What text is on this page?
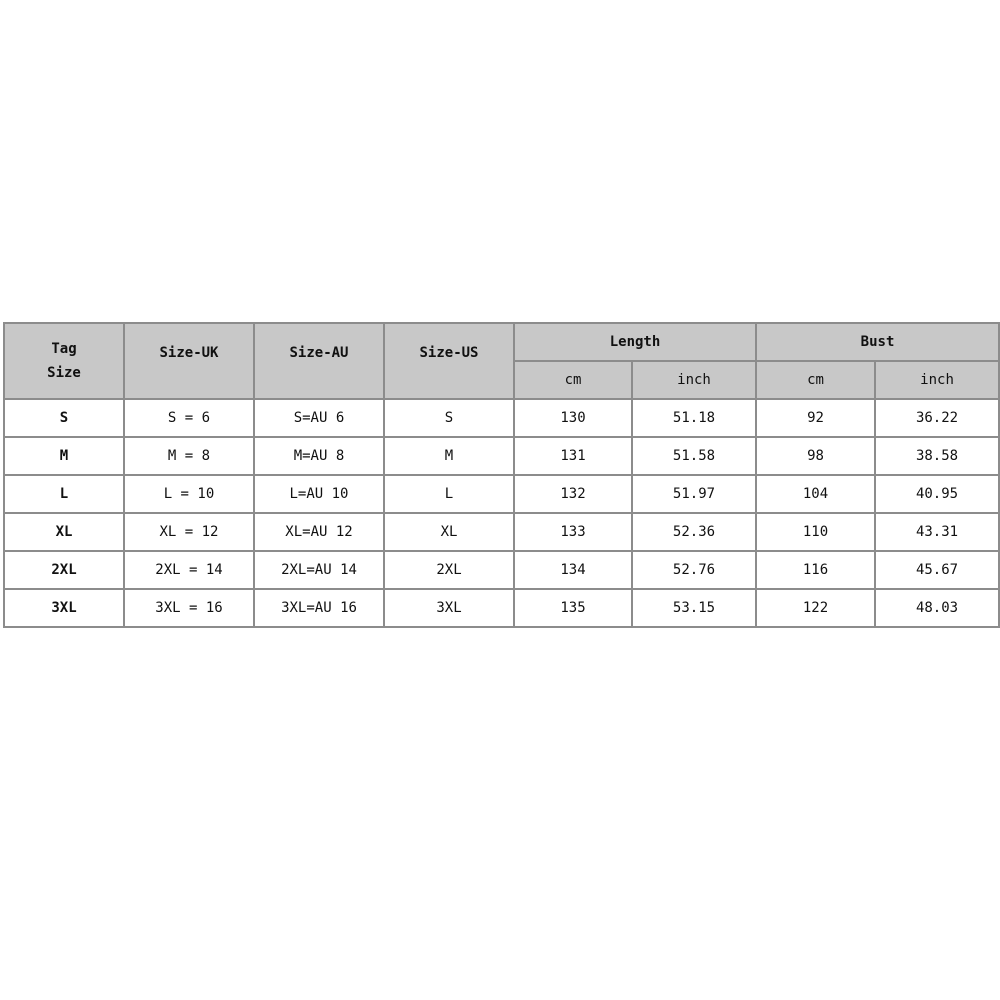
Tag
Size	Size-UK	Size-AU	Size-US	Length		Bust	
				cm	inch	cm	inch
S	S = 6	S=AU 6	S	130	51.18	92	36.22
M	M = 8	M=AU 8	M	131	51.58	98	38.58
L	L = 10	L=AU 10	L	132	51.97	104	40.95
XL	XL = 12	XL=AU 12	XL	133	52.36	110	43.31
2XL	2XL = 14	2XL=AU 14	2XL	134	52.76	116	45.67
3XL	3XL = 16	3XL=AU 16	3XL	135	53.15	122	48.03
